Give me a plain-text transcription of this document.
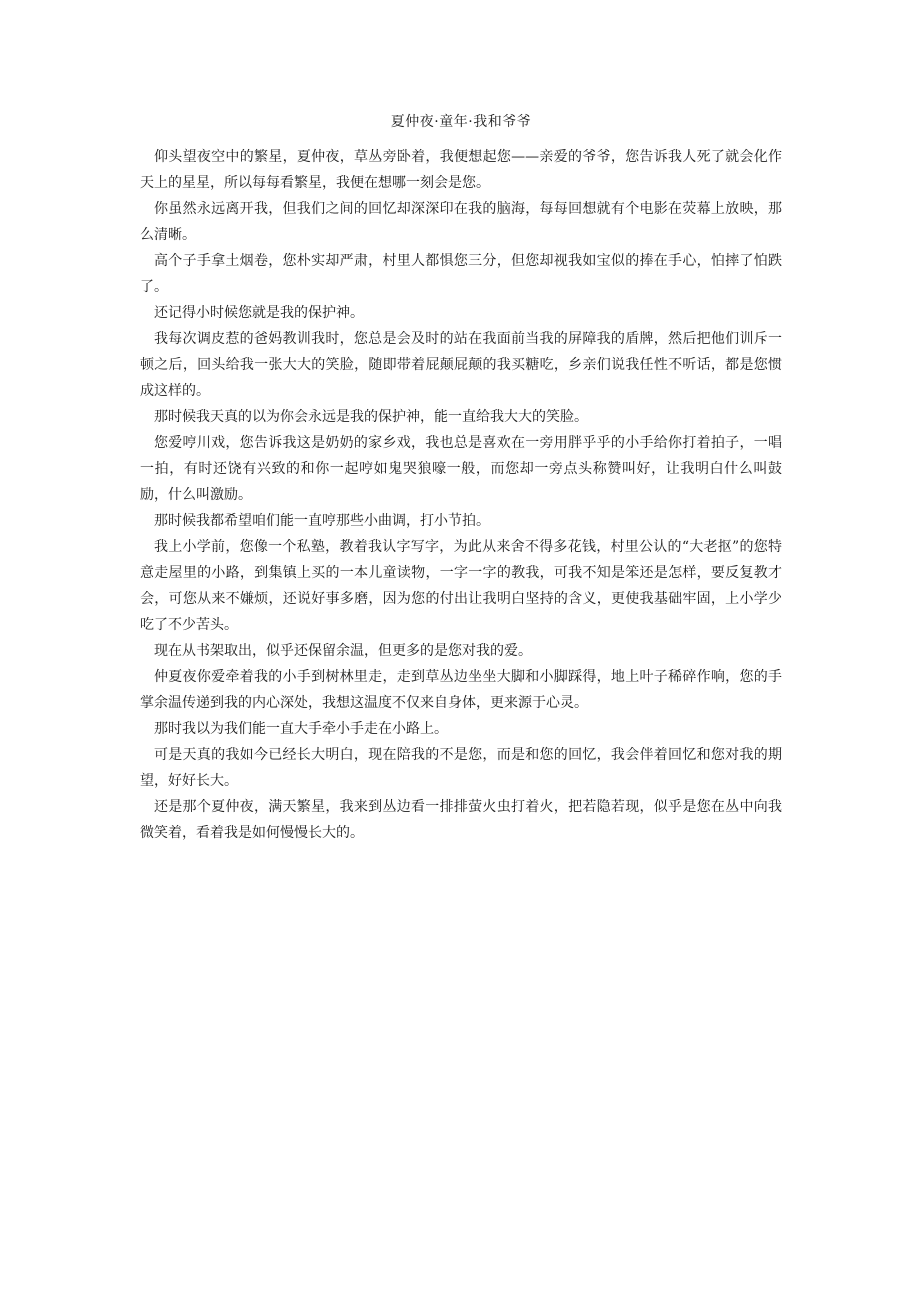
夏仲夜·童年·我和爷爷

仰头望夜空中的繁星，夏仲夜，草丛旁卧着，我便想起您——亲爱的爷爷，您告诉我人死了就会化作天上的星星，所以每每看繁星，我便在想哪一刻会是您。

你虽然永远离开我，但我们之间的回忆却深深印在我的脑海，每每回想就有个电影在荧幕上放映，那么清晰。

高个子手拿土烟卷，您朴实却严肃，村里人都惧您三分，但您却视我如宝似的捧在手心，怕摔了怕跌了。

还记得小时候您就是我的保护神。

我每次调皮惹的爸妈教训我时，您总是会及时的站在我面前当我的屏障我的盾牌，然后把他们训斥一顿之后，回头给我一张大大的笑脸，随即带着屁颠屁颠的我买糖吃，乡亲们说我任性不听话，都是您惯成这样的。

那时候我天真的以为你会永远是我的保护神，能一直给我大大的笑脸。

您爱哼川戏，您告诉我这是奶奶的家乡戏，我也总是喜欢在一旁用胖乎乎的小手给你打着拍子，一唱一拍，有时还饶有兴致的和你一起哼如鬼哭狼嚎一般，而您却一旁点头称赞叫好，让我明白什么叫鼓励，什么叫激励。

那时候我都希望咱们能一直哼那些小曲调，打小节拍。

我上小学前，您像一个私塾，教着我认字写字，为此从来舍不得多花钱，村里公认的“大老抠”的您特意走屋里的小路，到集镇上买的一本儿童读物，一字一字的教我，可我不知是笨还是怎样，要反复教才会，可您从来不嫌烦，还说好事多磨，因为您的付出让我明白坚持的含义，更使我基础牢固，上小学少吃了不少苦头。

现在从书架取出，似乎还保留余温，但更多的是您对我的爱。

仲夏夜你爱牵着我的小手到树林里走，走到草丛边坐坐大脚和小脚踩得，地上叶子稀碎作响，您的手掌余温传递到我的内心深处，我想这温度不仅来自身体，更来源于心灵。

那时我以为我们能一直大手牵小手走在小路上。

可是天真的我如今已经长大明白，现在陪我的不是您，而是和您的回忆，我会伴着回忆和您对我的期望，好好长大。

还是那个夏仲夜，满天繁星，我来到丛边看一排排萤火虫打着火，把若隐若现，似乎是您在丛中向我微笑着，看着我是如何慢慢长大的。
